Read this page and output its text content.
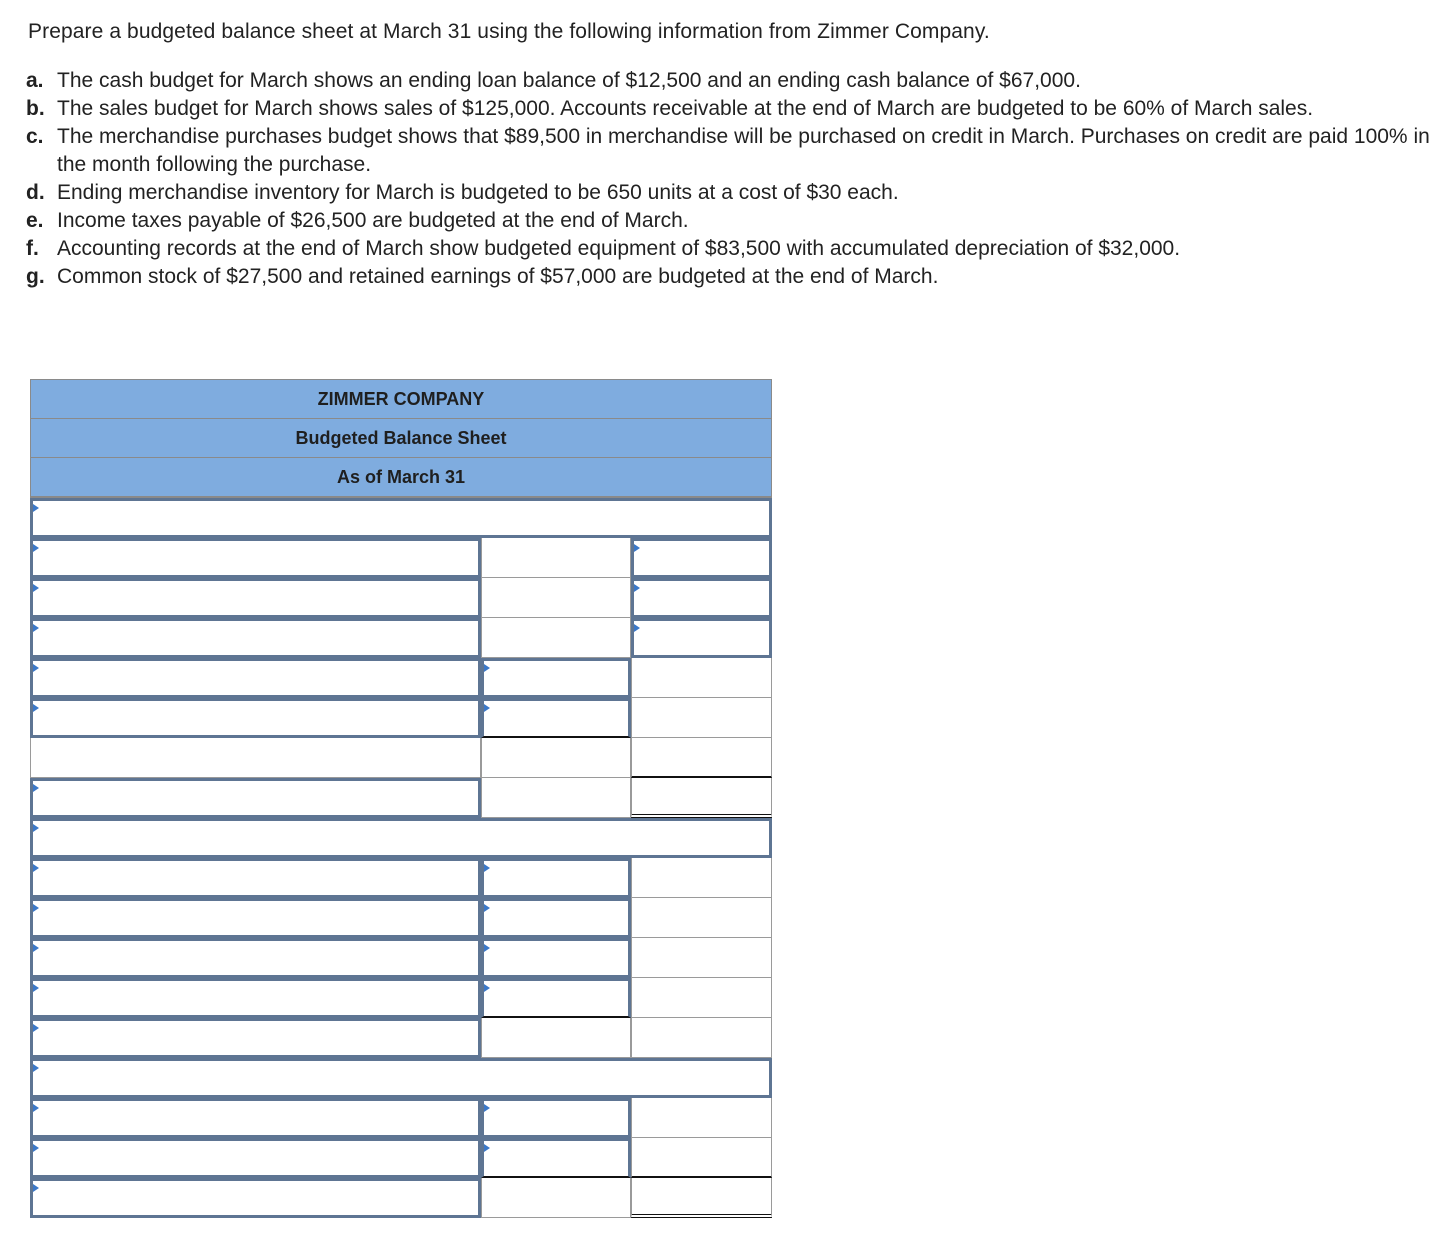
Prepare a budgeted balance sheet at March 31 using the following information from Zimmer Company.
a. The cash budget for March shows an ending loan balance of $12,500 and an ending cash balance of $67,000.
b. The sales budget for March shows sales of $125,000. Accounts receivable at the end of March are budgeted to be 60% of March sales.
c. The merchandise purchases budget shows that $89,500 in merchandise will be purchased on credit in March. Purchases on credit are paid 100% in the month following the purchase.
d. Ending merchandise inventory for March is budgeted to be 650 units at a cost of $30 each.
e. Income taxes payable of $26,500 are budgeted at the end of March.
f. Accounting records at the end of March show budgeted equipment of $83,500 with accumulated depreciation of $32,000.
g. Common stock of $27,500 and retained earnings of $57,000 are budgeted at the end of March.
ZIMMER COMPANY
Budgeted Balance Sheet
As of March 31
